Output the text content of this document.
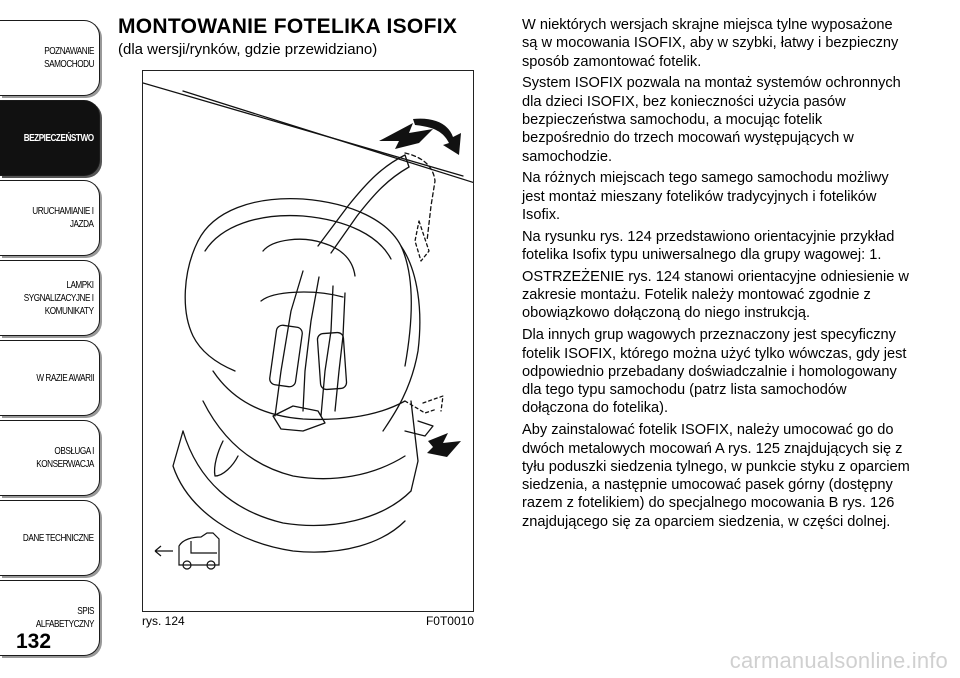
POZNAWANIE
SAMOCHODU
BEZPIECZEŃSTWO
URUCHAMIANIE I
JAZDA
LAMPKI
SYGNALIZACYJNE I
KOMUNIKATY
W RAZIE AWARII
OBSŁUGA I
KONSERWACJA
DANE TECHNICZNE
SPIS ALFABETYCZNY
132
MONTOWANIE FOTELIKA ISOFIX
(dla wersji/rynków, gdzie przewidziano)
rys. 124	F0T0010

W niektórych wersjach skrajne miejsca tylne wyposażone są w mocowania ISOFIX, aby w szybki, łatwy i bezpieczny sposób zamontować fotelik.

System ISOFIX pozwala na montaż systemów ochronnych dla dzieci ISOFIX, bez konieczności użycia pasów bezpieczeństwa samochodu, a mocując fotelik bezpośrednio do trzech mocowań występujących w samochodzie.

Na różnych miejscach tego samego samochodu możliwy jest montaż mieszany fotelików tradycyjnych i fotelików Isofix.

Na rysunku rys. 124 przedstawiono orientacyjnie przykład fotelika Isofix typu uniwersalnego dla grupy wagowej: 1.

OSTRZEŻENIE rys. 124 stanowi orientacyjne odniesienie w zakresie montażu. Fotelik należy montować zgodnie z obowiązkowo dołączoną do niego instrukcją.

Dla innych grup wagowych przeznaczony jest specyficzny fotelik ISOFIX, którego można użyć tylko wówczas, gdy jest odpowiednio przebadany doświadczalnie i homologowany dla tego typu samochodu (patrz lista samochodów dołączona do fotelika).

Aby zainstalować fotelik ISOFIX, należy umocować go do dwóch metalowych mocowań A rys. 125 znajdujących się z tyłu poduszki siedzenia tylnego, w punkcie styku z oparciem siedzenia, a następnie umocować pasek górny (dostępny razem z fotelikiem) do specjalnego mocowania B rys. 126 znajdującego się za oparciem siedzenia, w części dolnej.

carmanualsonline.info
